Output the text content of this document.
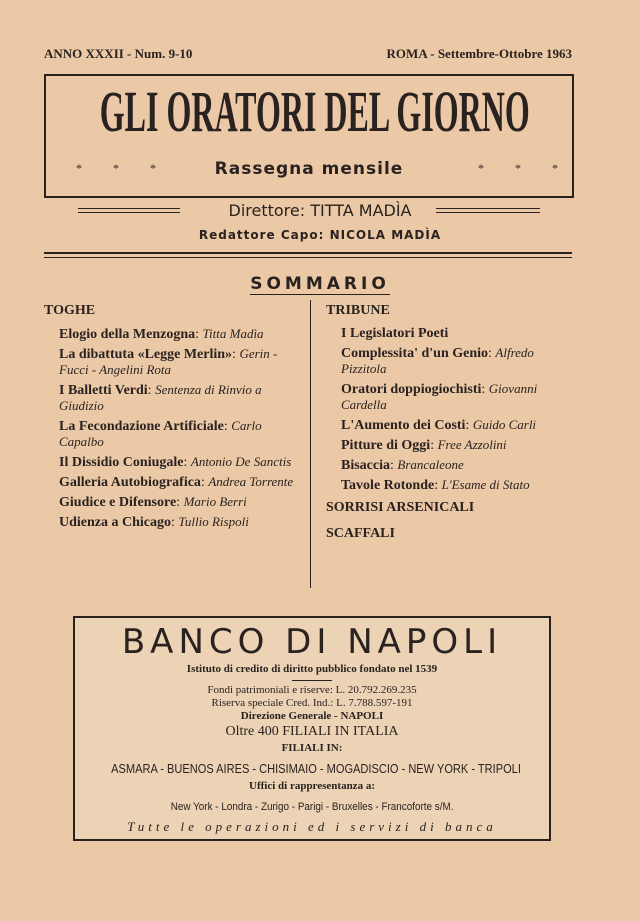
ANNO XXXII - Num. 9-10	ROMA - Settembre-Ottobre 1963
GLI ORATORI DEL GIORNO
* * *	Rassegna mensile	* * *
Direttore: TITTA MADÌA
Redattore Capo: NICOLA MADÌA
SOMMARIO
TOGHE
Elogio della Menzogna: Titta Madìa
La dibattuta «Legge Merlin»: Gerin - Fucci - Angelini Rota
I Balletti Verdi: Sentenza di Rinvio a Giudizio
La Fecondazione Artificiale: Carlo Capalbo
Il Dissidio Coniugale: Antonio De Sanctis
Galleria Autobiografica: Andrea Torrente
Giudice e Difensore: Mario Berri
Udienza a Chicago: Tullio Rispoli
TRIBUNE
I Legislatori Poeti
Complessita' d'un Genio: Alfredo Pizzitola
Oratori doppiogiochisti: Giovanni Cardella
L'Aumento dei Costi: Guido Carli
Pitture di Oggi: Free Azzolini
Bisaccia: Brancaleone
Tavole Rotonde: L'Esame di Stato
SORRISI ARSENICALI
SCAFFALI
BANCO DI NAPOLI
Istituto di credito di diritto pubblico fondato nel 1539
Fondi patrimoniali e riserve: L. 20.792.269.235
Riserva speciale Cred. Ind.: L. 7.788.597-191
Direzione Generale - NAPOLI
Oltre 400 FILIALI IN ITALIA
FILIALI IN:
ASMARA - BUENOS AIRES - CHISIMAIO - MOGADISCIO - NEW YORK - TRIPOLI
Uffici di rappresentanza a:
New York - Londra - Zurigo - Parigi - Bruxelles - Francoforte s/M.
Tutte le operazioni ed i servizi di banca
